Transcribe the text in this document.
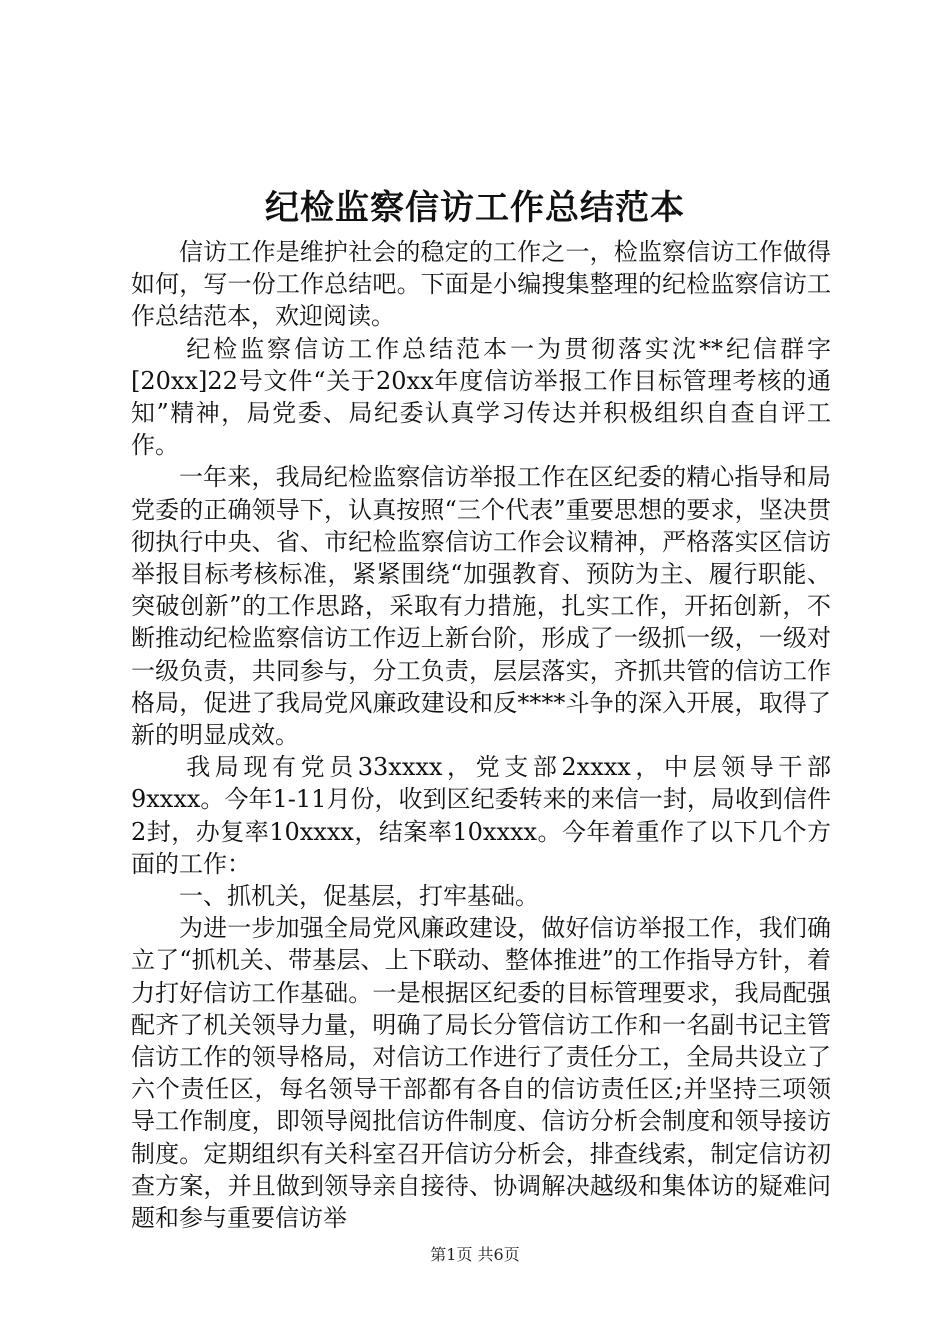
纪检监察信访工作总结范本

信访工作是维护社会的稳定的工作之一，检监察信访工作做得如何，写一份工作总结吧。下面是小编搜集整理的纪检监察信访工作总结范本，欢迎阅读。

纪检监察信访工作总结范本一为贯彻落实沈**纪信群字[20xx]22号文件“关于20xx年度信访举报工作目标管理考核的通知”精神，局党委、局纪委认真学习传达并积极组织自查自评工作。

一年来，我局纪检监察信访举报工作在区纪委的精心指导和局党委的正确领导下，认真按照“三个代表”重要思想的要求，坚决贯彻执行中央、省、市纪检监察信访工作会议精神，严格落实区信访举报目标考核标准，紧紧围绕“加强教育、预防为主、履行职能、突破创新”的工作思路，采取有力措施，扎实工作，开拓创新，不断推动纪检监察信访工作迈上新台阶，形成了一级抓一级，一级对一级负责，共同参与，分工负责，层层落实，齐抓共管的信访工作格局，促进了我局党风廉政建设和反****斗争的深入开展，取得了新的明显成效。

我局现有党员33xxxx，党支部2xxxx，中层领导干部9xxxx。今年1-11月份，收到区纪委转来的来信一封，局收到信件2封，办复率10xxxx，结案率10xxxx。今年着重作了以下几个方面的工作：

一、抓机关，促基层，打牢基础。

为进一步加强全局党风廉政建设，做好信访举报工作，我们确立了“抓机关、带基层、上下联动、整体推进”的工作指导方针，着力打好信访工作基础。一是根据区纪委的目标管理要求，我局配强配齐了机关领导力量，明确了局长分管信访工作和一名副书记主管信访工作的领导格局，对信访工作进行了责任分工，全局共设立了六个责任区，每名领导干部都有各自的信访责任区;并坚持三项领导工作制度，即领导阅批信访件制度、信访分析会制度和领导接访制度。定期组织有关科室召开信访分析会，排查线索，制定信访初查方案，并且做到领导亲自接待、协调解决越级和集体访的疑难问题和参与重要信访举

第1页 共6页
